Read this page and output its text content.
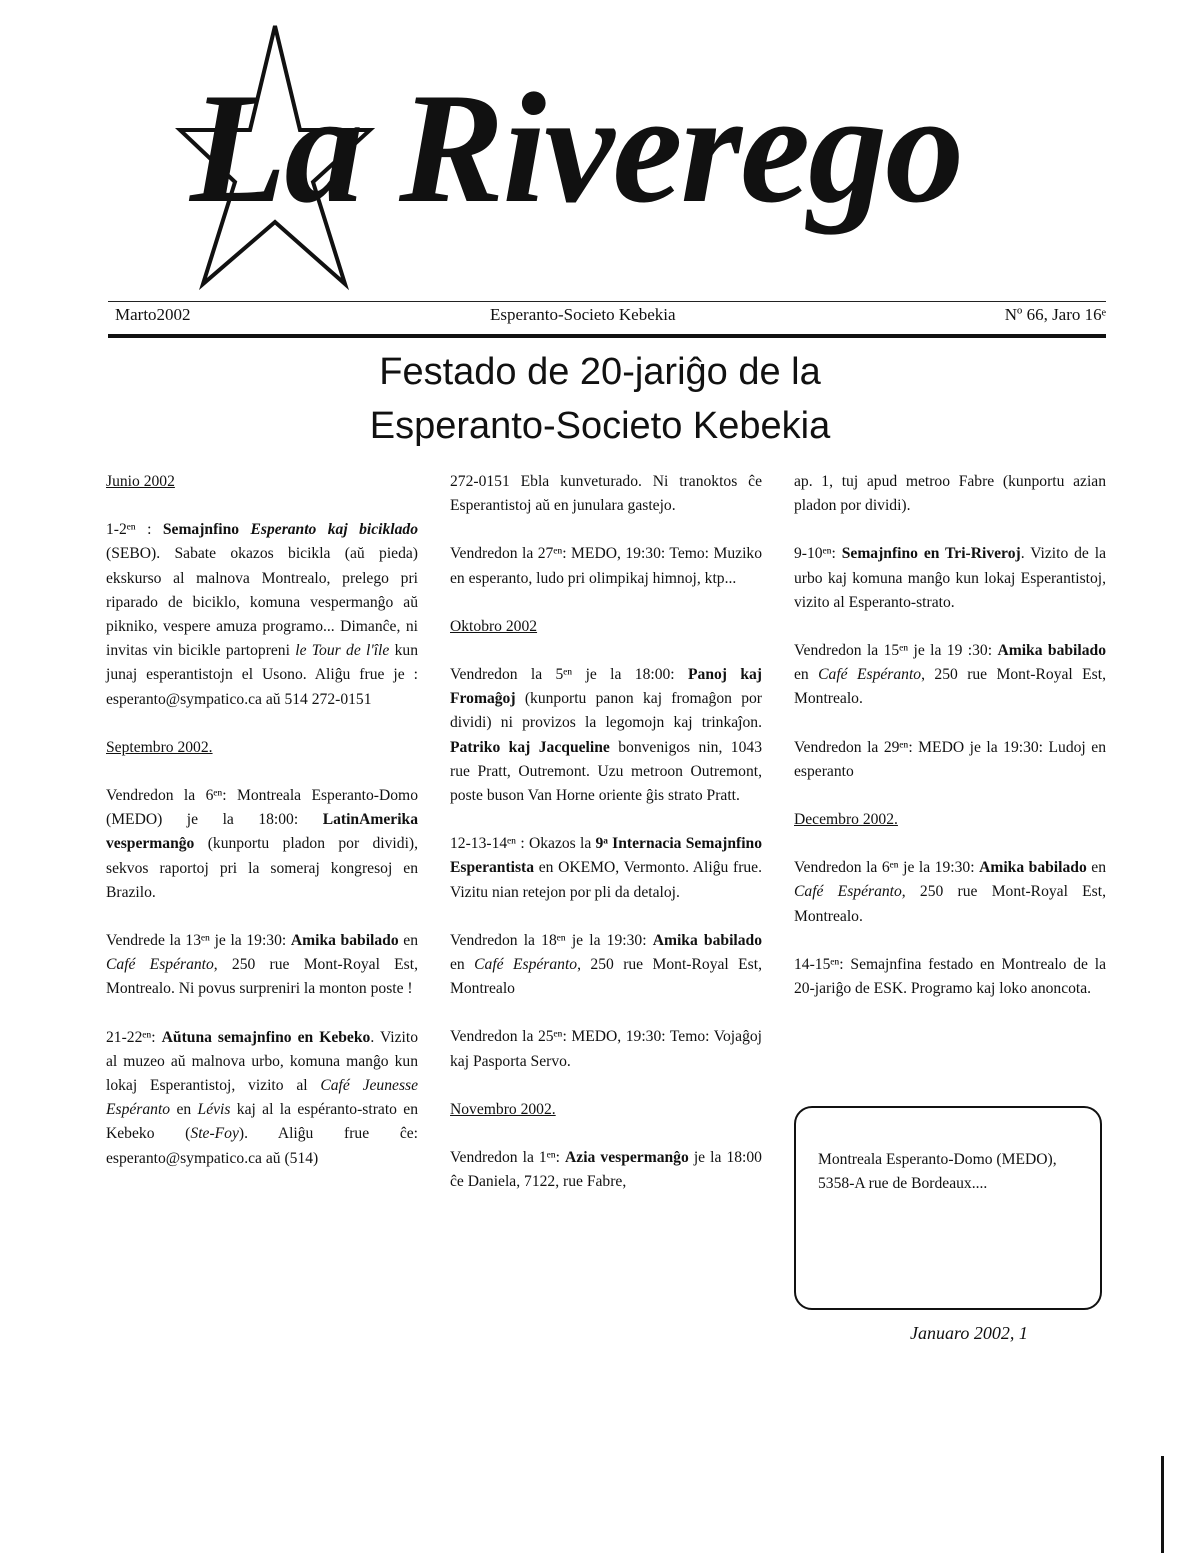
La Riverego
Marto2002	Esperanto-Societo Kebekia	Nº 66, Jaro 16ᵉ
Festado de 20-jariĝo de la
Esperanto-Societo Kebekia

Junio 2002

1-2ᵉⁿ : Semajnfino Esperanto kaj biciklado (SEBO). Sabate okazos bicikla (aŭ pieda) ekskurso al malnova Montrealo, prelego pri riparado de biciklo, komuna vespermanĝo aŭ pikniko, vespere amuza programo... Dimanĉe, ni invitas vin bicikle partopreni le Tour de l'île kun junaj esperantistojn el Usono. Aliĝu frue je : esperanto@sympatico.ca aŭ 514 272-0151

Septembro 2002.

Vendredon la 6ᵉⁿ: Montreala Esperanto-Domo (MEDO) je la 18:00: LatinAmerika vespermanĝo (kunportu pladon por dividi), sekvos raportoj pri la someraj kongresoj en Brazilo.

Vendrede la 13ᵉⁿ je la 19:30: Amika babilado en Café Espéranto, 250 rue Mont-Royal Est, Montrealo. Ni povus surpreniri la monton poste !

21-22ᵉⁿ: Aŭtuna semajnfino en Kebeko. Vizito al muzeo aŭ malnova urbo, komuna manĝo kun lokaj Esperantistoj, vizito al Café Jeunesse Espéranto en Lévis kaj al la espéranto-strato en Kebeko (Ste-Foy). Aliĝu frue ĉe: esperanto@sympatico.ca aŭ (514)

272-0151 Ebla kunveturado. Ni tranoktos ĉe Esperantistoj aŭ en junulara gastejo.

Vendredon la 27ᵉⁿ: MEDO, 19:30: Temo: Muziko en esperanto, ludo pri olimpikaj himnoj, ktp...

Oktobro 2002

Vendredon la 5ᵉⁿ je la 18:00: Panoj kaj Fromaĝoj (kunportu panon kaj fromaĝon por dividi) ni provizos la legomojn kaj trinkaĵon. Patriko kaj Jacqueline bonvenigos nin, 1043 rue Pratt, Outremont. Uzu metroon Outremont, poste buson Van Horne oriente ĝis strato Pratt.

12-13-14ᵉⁿ : Okazos la 9ᵃ Internacia Semajnfino Esperantista en OKEMO, Vermonto. Aliĝu frue. Vizitu nian retejon por pli da detaloj.

Vendredon la 18ᵉⁿ je la 19:30: Amika babilado en Café Espéranto, 250 rue Mont-Royal Est, Montrealo

Vendredon la 25ᵉⁿ: MEDO, 19:30: Temo: Vojaĝoj kaj Pasporta Servo.

Novembro 2002.

Vendredon la 1ᵉⁿ: Azia vespermanĝo je la 18:00 ĉe Daniela, 7122, rue Fabre,

ap. 1, tuj apud metroo Fabre (kunportu azian pladon por dividi).

9-10ᵉⁿ: Semajnfino en Tri-Riveroj. Vizito de la urbo kaj komuna manĝo kun lokaj Esperantistoj, vizito al Esperanto-strato.

Vendredon la 15ᵉⁿ je la 19 :30: Amika babilado en Café Espéranto, 250 rue Mont-Royal Est, Montrealo.

Vendredon la 29ᵉⁿ: MEDO je la 19:30: Ludoj en esperanto

Decembro 2002.

Vendredon la 6ᵉⁿ je la 19:30: Amika babilado en Café Espéranto, 250 rue Mont-Royal Est, Montrealo.

14-15ᵉⁿ: Semajnfina festado en Montrealo de la 20-jariĝo de ESK. Programo kaj loko anoncota.

Montreala Esperanto-Domo (MEDO), 5358-A rue de Bordeaux....
Januaro 2002, 1
